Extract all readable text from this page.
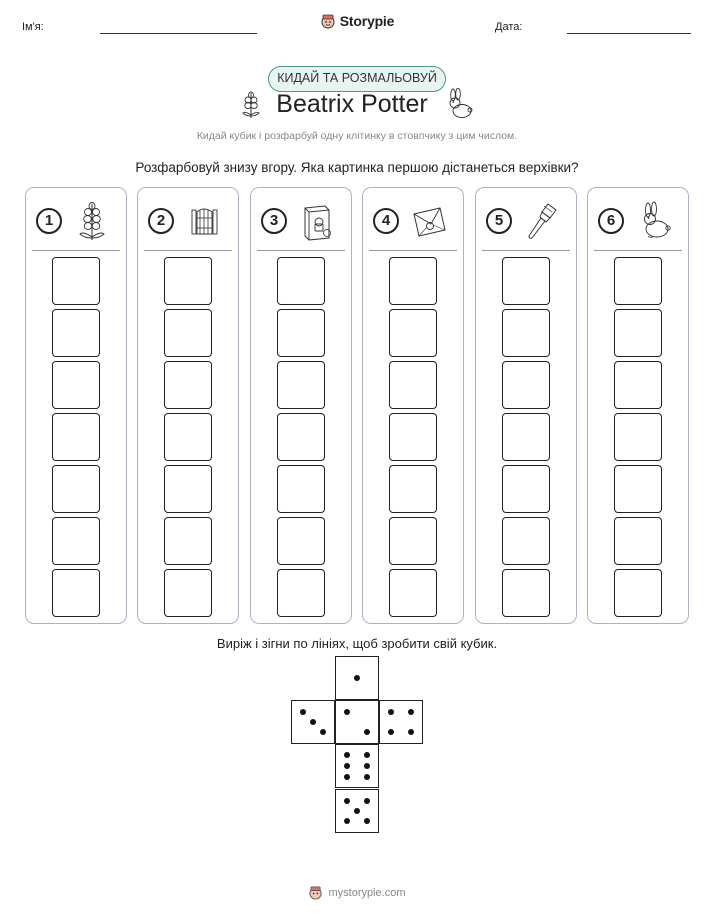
Ім'я:	Storypie	Дата:
КИДАЙ ТА РОЗМАЛЬОВУЙ
Beatrix Potter
Кидай кубик і розфарбуй одну клітинку в стовпчику з цим числом.
Розфарбовуй знизу вгору. Яка картинка першою дістанеться верхівки?
1	2	3	4	5	6
Виріж і зігни по лініях, щоб зробити свій кубик.
mystorypie.com
